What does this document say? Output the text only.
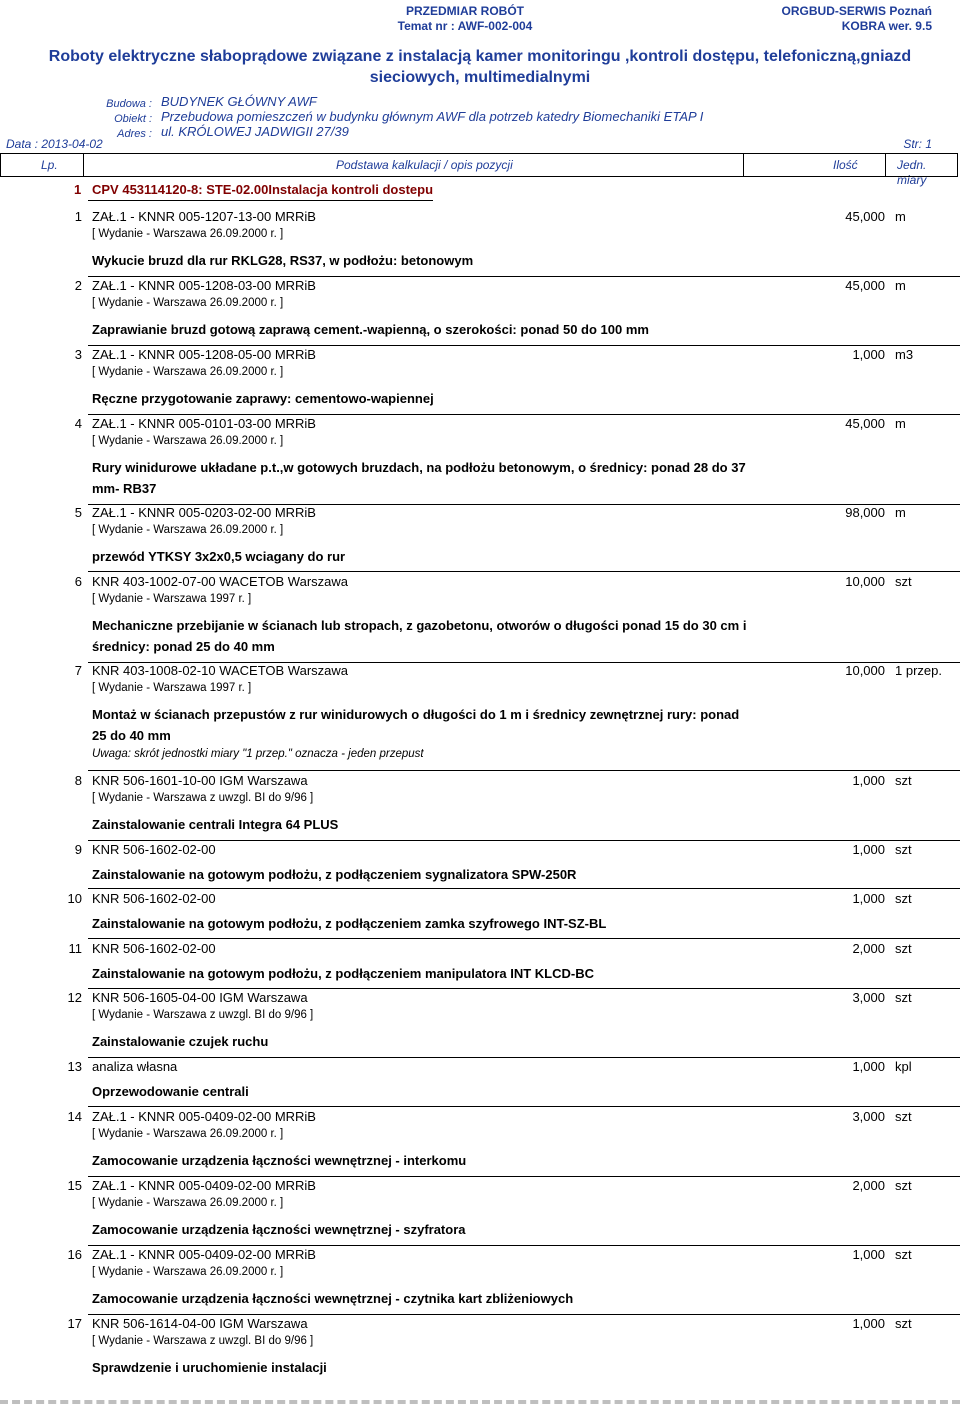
PRZEDMIAR ROBÓT
Temat nr : AWF-002-004
ORGBUD-SERWIS Poznań
KOBRA wer. 9.5
Roboty elektryczne słaboprądowe związane z instalacją kamer monitoringu ,kontroli dostępu, telefoniczną,gniazd sieciowych, multimedialnymi
Budowa : BUDYNEK GŁÓWNY AWF
Obiekt : Przebudowa pomieszczeń w budynku głównym AWF dla potrzeb katedry Biomechaniki ETAP I
Adres : ul. KRÓLOWEJ JADWIGII 27/39
Data : 2013-04-02	Str: 1
Lp.	Podstawa kalkulacji / opis pozycji	Ilość	Jedn. miary
1 CPV 453114120-8: STE-02.00Instalacja kontroli dostepu
1 ZAŁ.1 - KNNR 005-1207-13-00 MRRiB
[ Wydanie - Warszawa 26.09.2000 r. ]
45,000 m
Wykucie bruzd dla rur RKLG28, RS37, w podłożu: betonowym
2 ZAŁ.1 - KNNR 005-1208-03-00 MRRiB
[ Wydanie - Warszawa 26.09.2000 r. ]
45,000 m
Zaprawianie bruzd gotową zaprawą cement.-wapienną, o szerokości: ponad 50 do 100 mm
3 ZAŁ.1 - KNNR 005-1208-05-00 MRRiB
[ Wydanie - Warszawa 26.09.2000 r. ]
1,000 m3
Ręczne przygotowanie zaprawy: cementowo-wapiennej
4 ZAŁ.1 - KNNR 005-0101-03-00 MRRiB
[ Wydanie - Warszawa 26.09.2000 r. ]
45,000 m
Rury winidurowe układane p.t.,w gotowych bruzdach, na podłożu betonowym, o średnicy: ponad 28 do 37 mm- RB37
5 ZAŁ.1 - KNNR 005-0203-02-00 MRRiB
[ Wydanie - Warszawa 26.09.2000 r. ]
98,000 m
przewód YTKSY 3x2x0,5 wciagany do rur
6 KNR 403-1002-07-00 WACETOB Warszawa
[ Wydanie - Warszawa 1997 r. ]
10,000 szt
Mechaniczne przebijanie w ścianach lub stropach, z gazobetonu, otworów o długości ponad 15 do 30 cm i średnicy: ponad 25 do 40 mm
7 KNR 403-1008-02-10 WACETOB Warszawa
[ Wydanie - Warszawa 1997 r. ]
10,000 1 przep.
Montaż w ścianach przepustów z rur winidurowych o długości do 1 m i średnicy zewnętrznej rury: ponad 25 do 40 mm
Uwaga: skrót jednostki miary "1 przep." oznacza - jeden przepust
8 KNR 506-1601-10-00 IGM Warszawa
[ Wydanie - Warszawa z uwzgl. BI do 9/96 ]
1,000 szt
Zainstalowanie centrali Integra 64 PLUS
9 KNR 506-1602-02-00	1,000 szt
Zainstalowanie na gotowym podłożu, z podłączeniem sygnalizatora SPW-250R
10 KNR 506-1602-02-00	1,000 szt
Zainstalowanie na gotowym podłożu, z podłączeniem zamka szyfrowego INT-SZ-BL
11 KNR 506-1602-02-00	2,000 szt
Zainstalowanie na gotowym podłożu, z podłączeniem manipulatora INT KLCD-BC
12 KNR 506-1605-04-00 IGM Warszawa
[ Wydanie - Warszawa z uwzgl. BI do 9/96 ]
3,000 szt
Zainstalowanie czujek ruchu
13 analiza własna	1,000 kpl
Oprzewodowanie centrali
14 ZAŁ.1 - KNNR 005-0409-02-00 MRRiB
[ Wydanie - Warszawa 26.09.2000 r. ]
3,000 szt
Zamocowanie urządzenia łączności wewnętrznej - interkomu
15 ZAŁ.1 - KNNR 005-0409-02-00 MRRiB
[ Wydanie - Warszawa 26.09.2000 r. ]
2,000 szt
Zamocowanie urządzenia łączności wewnętrznej - szyfratora
16 ZAŁ.1 - KNNR 005-0409-02-00 MRRiB
[ Wydanie - Warszawa 26.09.2000 r. ]
1,000 szt
Zamocowanie urządzenia łączności wewnętrznej - czytnika kart zbliżeniowych
17 KNR 506-1614-04-00 IGM Warszawa
[ Wydanie - Warszawa z uwzgl. BI do 9/96 ]
1,000 szt
Sprawdzenie i uruchomienie instalacji
